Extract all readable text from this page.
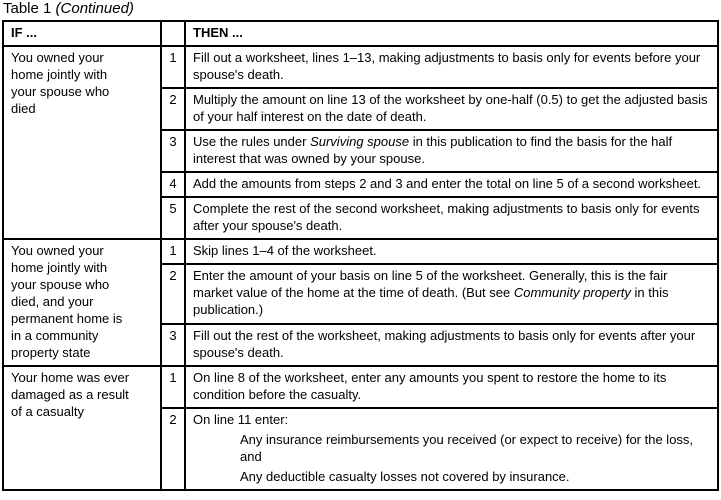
Table 1 (Continued)
IF ...		THEN ...

You owned your home jointly with your spouse who died	1	Fill out a worksheet, lines 1–13, making adjustments to basis only for events before your spouse's death.
	2	Multiply the amount on line 13 of the worksheet by one-half (0.5) to get the adjusted basis of your half interest on the date of death.
	3	Use the rules under Surviving spouse in this publication to find the basis for the half interest that was owned by your spouse.
	4	Add the amounts from steps 2 and 3 and enter the total on line 5 of a second worksheet.
	5	Complete the rest of the second worksheet, making adjustments to basis only for events after your spouse's death.

You owned your home jointly with your spouse who died, and your permanent home is in a community property state	1	Skip lines 1–4 of the worksheet.
	2	Enter the amount of your basis on line 5 of the worksheet. Generally, this is the fair market value of the home at the time of death. (But see Community property in this publication.)
	3	Fill out the rest of the worksheet, making adjustments to basis only for events after your spouse's death.

Your home was ever damaged as a result of a casualty	1	On line 8 of the worksheet, enter any amounts you spent to restore the home to its condition before the casualty.
	2	On line 11 enter:
Any insurance reimbursements you received (or expect to receive) for the loss, and
Any deductible casualty losses not covered by insurance.
